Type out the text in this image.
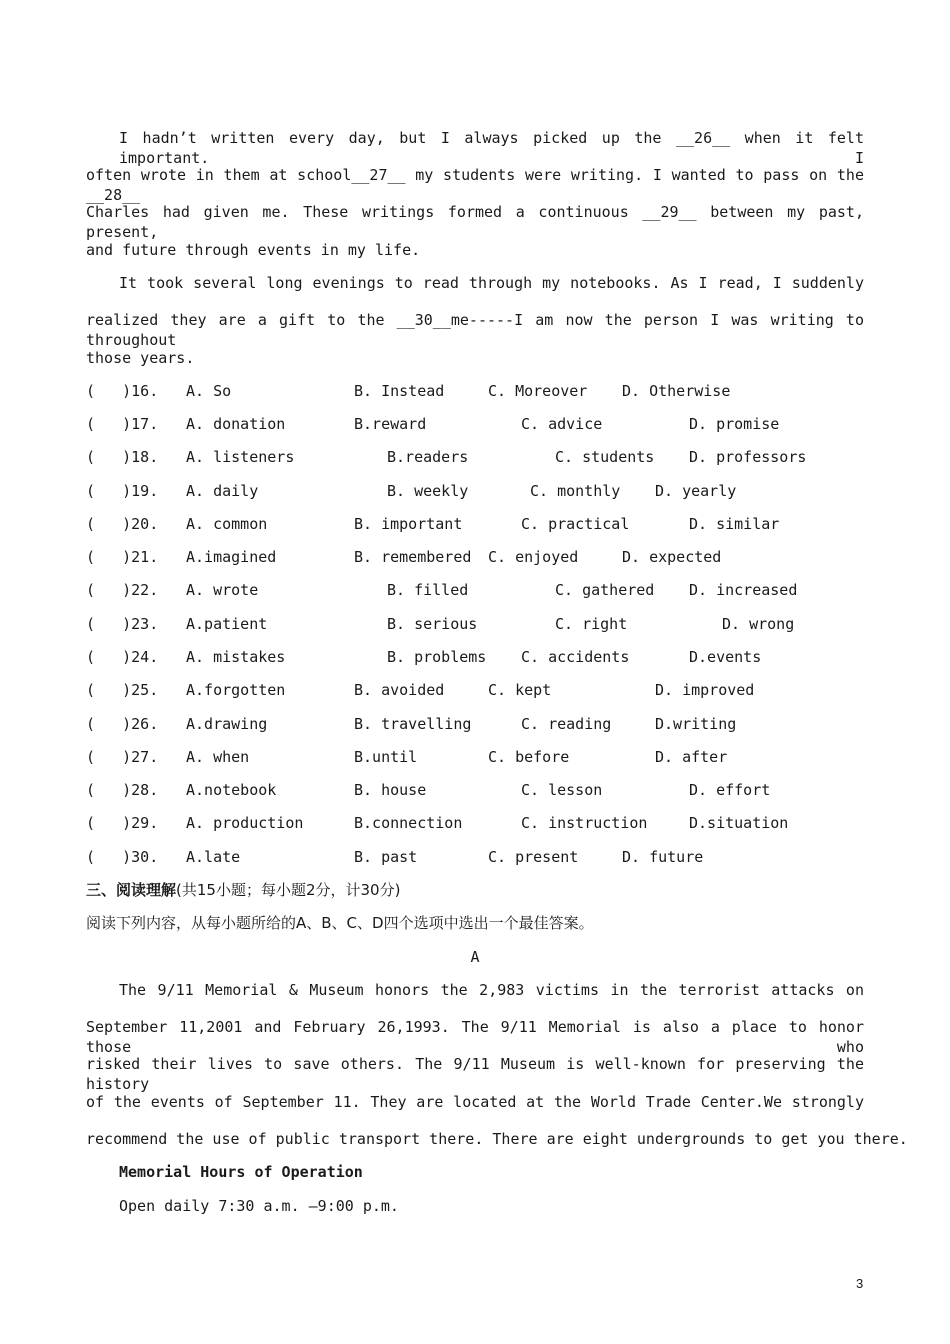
I hadn’t written every day, but I always picked up the __26__ when it felt important. I
often wrote in them at school__27__ my students were writing. I wanted to pass on the __28__
Charles had given me. These writings formed a continuous __29__ between my past, present,
and future through events in my life.
It took several long evenings to read through my notebooks. As I read, I suddenly
realized they are a gift to the __30__me-----I am now the person I was writing to throughout
those years.
(   )16. A. So	B. Instead	C. Moreover D. Otherwise
(   )17. A. donation	B.reward	C. advice	D. promise
(   )18. A. listeners	B.readers	C. students D. professors
(   )19. A. daily	B. weekly	C. monthly D. yearly
(   )20. A. common	B. important	C. practical	D. similar
(   )21. A.imagined	B. remembered C. enjoyed	D. expected
(   )22. A. wrote	B. filled	C. gathered D. increased
(   )23. A.patient	B. serious	C. right	D. wrong
(   )24. A. mistakes	B. problems C. accidents	D.events
(   )25. A.forgotten	B. avoided	C. kept	D. improved
(   )26. A.drawing	B. travelling	C. reading	D.writing
(   )27. A. when	B.until	C. before	D. after
(   )28. A.notebook	B. house	C. lesson	D. effort
(   )29. A. production	B.connection	C. instruction	D.situation
(   )30. A.late	B. past	C. present	D. future
三、阅读理解(共15小题；每小题2分，计30分)
阅读下列内容，从每小题所给的A、B、C、D四个选项中选出一个最佳答案。
A
The 9/11 Memorial & Museum honors the 2,983 victims in the terrorist attacks on
September 11,2001 and February 26,1993. The 9/11 Memorial is also a place to honor those who
risked their lives to save others. The 9/11 Museum is well-known for preserving the history
of the events of September 11. They are located at the World Trade Center.We strongly
recommend the use of public transport there. There are eight undergrounds to get you there.
Memorial Hours of Operation
Open daily 7:30 a.m. —9:00 p.m.
3
